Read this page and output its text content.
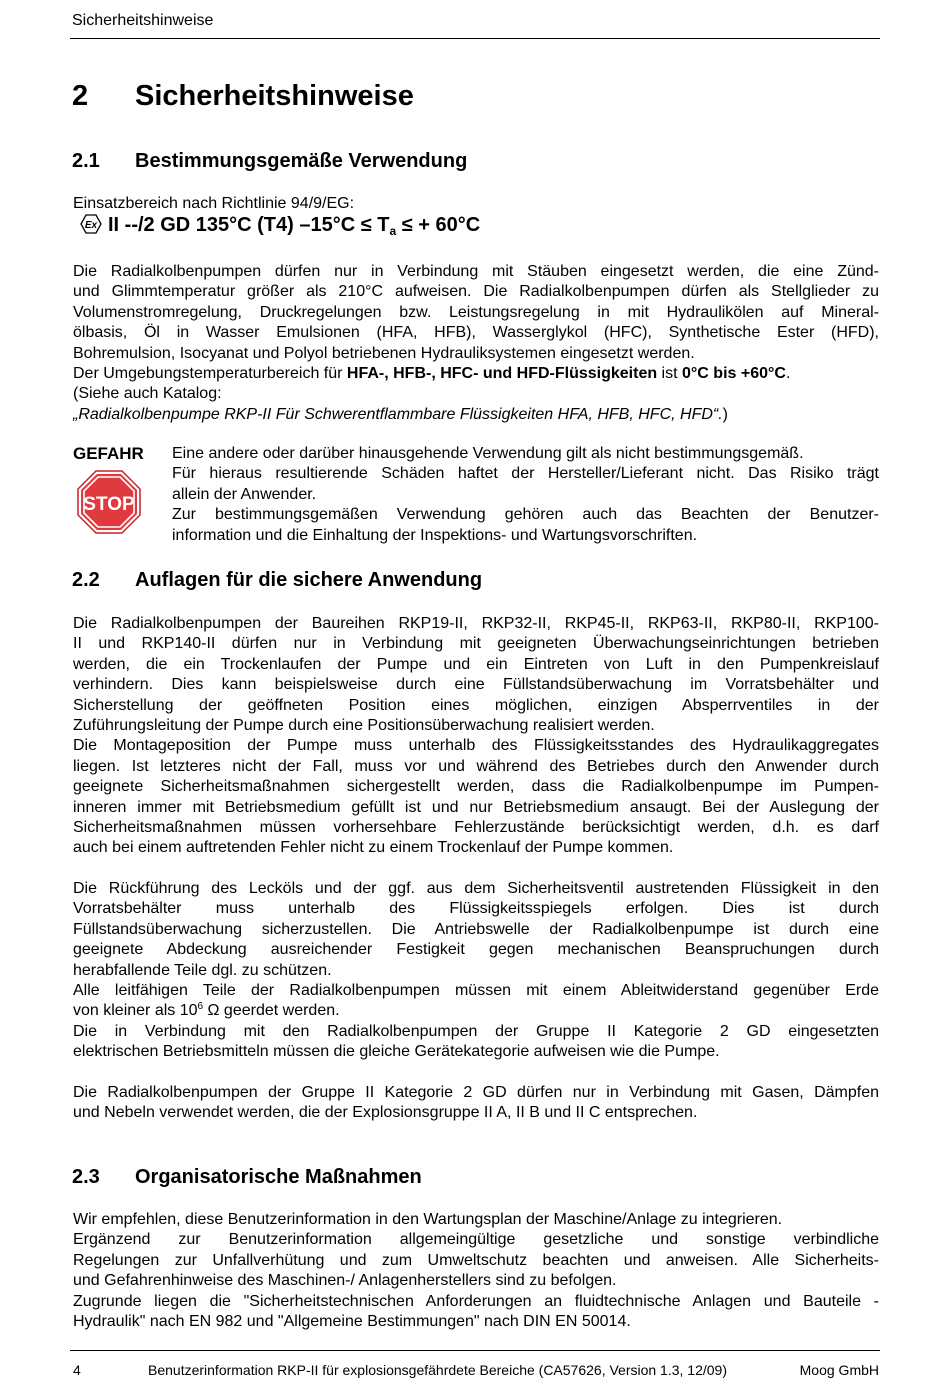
Sicherheitshinweise
2 Sicherheitshinweise
2.1 Bestimmungsgemäße Verwendung
Einsatzbereich nach Richtlinie 94/9/EG:
Ex II --/2 GD 135°C (T4) $-15^\circ C \le T_a$ ≤ + 60°C
Die Radialkolbenpumpen dürfen nur in Verbindung mit Stäuben eingesetzt werden, die eine Zünd-
und Glimmtemperatur größer als 210°C aufweisen. Die Radialkolbenpumpen dürfen als Stellglieder zu
Volumenstromregelung, Druckregelungen bzw. Leistungsregelung in mit Hydraulikölen auf Mineral-
ölbasis, Öl in Wasser Emulsionen (HFA, HFB), Wasserglykol (HFC), Synthetische Ester (HFD),
Bohremulsion, Isocyanat und Polyol betriebenen Hydrauliksystemen eingesetzt werden.
Der Umgebungstemperaturbereich für HFA-, HFB-, HFC- und HFD-Flüssigkeiten ist 0°C bis +60°C.
(Siehe auch Katalog:
„Radialkolbenpumpe RKP-II Für Schwerentflammbare Flüssigkeiten HFA, HFB, HFC, HFD“.)
GEFAHR
STOP
Eine andere oder darüber hinausgehende Verwendung gilt als nicht bestimmungsgemäß.
Für hieraus resultierende Schäden haftet der Hersteller/Lieferant nicht. Das Risiko trägt
allein der Anwender.
Zur bestimmungsgemäßen Verwendung gehören auch das Beachten der Benutzer-
information und die Einhaltung der Inspektions- und Wartungsvorschriften.
2.2 Auflagen für die sichere Anwendung
Die Radialkolbenpumpen der Baureihen RKP19-II, RKP32-II, RKP45-II, RKP63-II, RKP80-II, RKP100-
II und RKP140-II dürfen nur in Verbindung mit geeigneten Überwachungseinrichtungen betrieben
werden, die ein Trockenlaufen der Pumpe und ein Eintreten von Luft in den Pumpenkreislauf
verhindern. Dies kann beispielsweise durch eine Füllstandsüberwachung im Vorratsbehälter und
Sicherstellung der geöffneten Position eines möglichen, einzigen Absperrventiles in der
Zuführungsleitung der Pumpe durch eine Positionsüberwachung realisiert werden.
Die Montageposition der Pumpe muss unterhalb des Flüssigkeitsstandes des Hydraulikaggregates
liegen. Ist letzteres nicht der Fall, muss vor und während des Betriebes durch den Anwender durch
geeignete Sicherheitsmaßnahmen sichergestellt werden, dass die Radialkolbenpumpe im Pumpen-
inneren immer mit Betriebsmedium gefüllt ist und nur Betriebsmedium ansaugt. Bei der Auslegung der
Sicherheitsmaßnahmen müssen vorhersehbare Fehlerzustände berücksichtigt werden, d.h. es darf
auch bei einem auftretenden Fehler nicht zu einem Trockenlauf der Pumpe kommen.
Die Rückführung des Lecköls und der ggf. aus dem Sicherheitsventil austretenden Flüssigkeit in den
Vorratsbehälter muss unterhalb des Flüssigkeitsspiegels erfolgen. Dies ist durch
Füllstandsüberwachung sicherzustellen. Die Antriebswelle der Radialkolbenpumpe ist durch eine
geeignete Abdeckung ausreichender Festigkeit gegen mechanischen Beanspruchungen durch
herabfallende Teile dgl. zu schützen.
Alle leitfähigen Teile der Radialkolbenpumpen müssen mit einem Ableitwiderstand gegenüber Erde
von kleiner als $10^6$ Ω geerdet werden.
Die in Verbindung mit den Radialkolbenpumpen der Gruppe II Kategorie 2 GD eingesetzten
elektrischen Betriebsmitteln müssen die gleiche Gerätekategorie aufweisen wie die Pumpe.
Die Radialkolbenpumpen der Gruppe II Kategorie 2 GD dürfen nur in Verbindung mit Gasen, Dämpfen
und Nebeln verwendet werden, die der Explosionsgruppe II A, II B und II C entsprechen.
2.3 Organisatorische Maßnahmen
Wir empfehlen, diese Benutzerinformation in den Wartungsplan der Maschine/Anlage zu integrieren.
Ergänzend zur Benutzerinformation allgemeingültige gesetzliche und sonstige verbindliche
Regelungen zur Unfallverhütung und zum Umweltschutz beachten und anweisen. Alle Sicherheits-
und Gefahrenhinweise des Maschinen-/ Anlagenherstellers sind zu befolgen.
Zugrunde liegen die "Sicherheitstechnischen Anforderungen an fluidtechnische Anlagen und Bauteile -
Hydraulik" nach EN 982 und "Allgemeine Bestimmungen" nach DIN EN 50014.
4	Benutzerinformation RKP-II für explosionsgefährdete Bereiche (CA57626, Version 1.3, 12/09)	Moog GmbH
